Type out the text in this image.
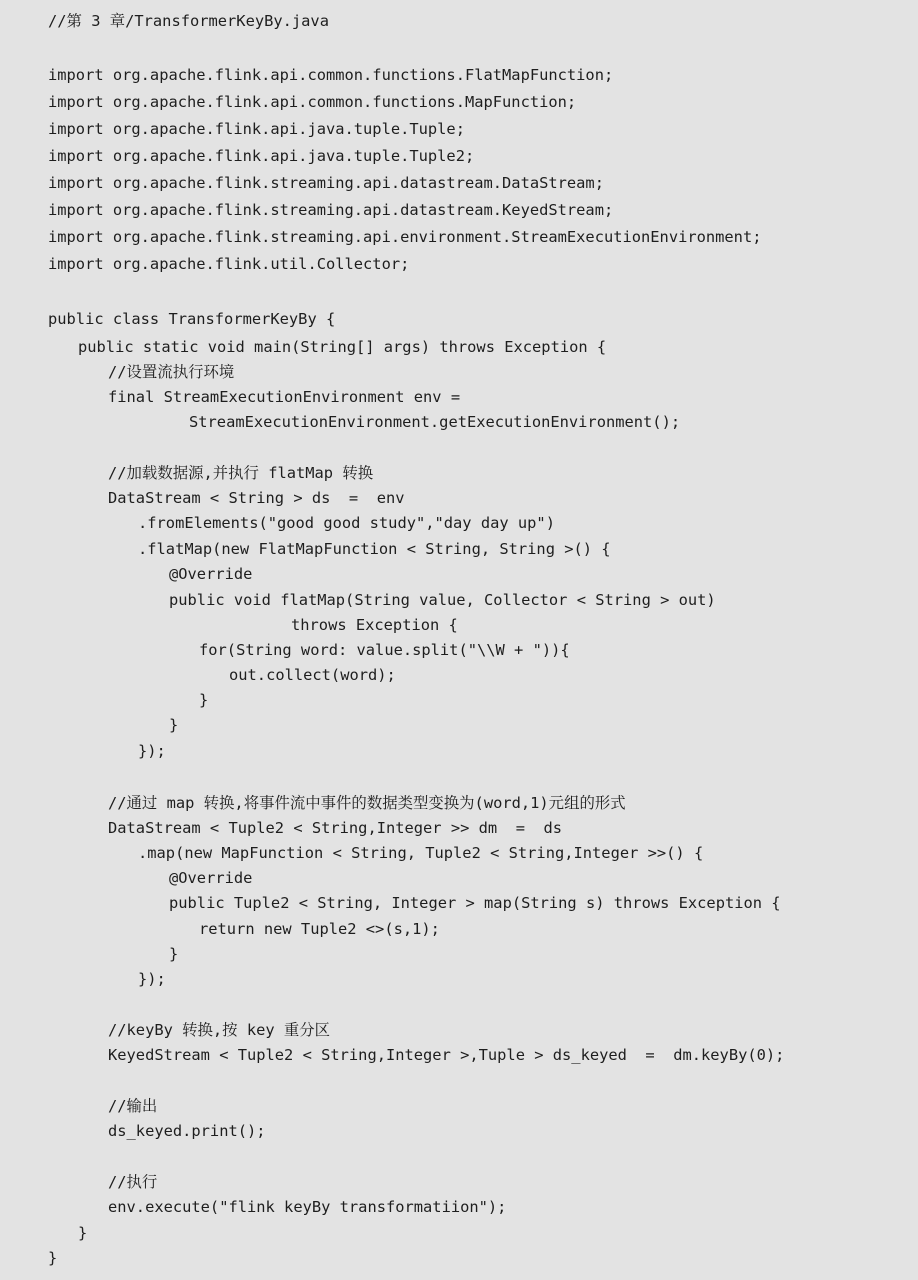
//第 3 章/TransformerKeyBy.java
import org.apache.flink.api.common.functions.FlatMapFunction;
import org.apache.flink.api.common.functions.MapFunction;
import org.apache.flink.api.java.tuple.Tuple;
import org.apache.flink.api.java.tuple.Tuple2;
import org.apache.flink.streaming.api.datastream.DataStream;
import org.apache.flink.streaming.api.datastream.KeyedStream;
import org.apache.flink.streaming.api.environment.StreamExecutionEnvironment;
import org.apache.flink.util.Collector;
public class TransformerKeyBy {
public static void main(String[] args) throws Exception {
//设置流执行环境
final StreamExecutionEnvironment env =
StreamExecutionEnvironment.getExecutionEnvironment();
//加载数据源,并执行 flatMap 转换
DataStream < String > ds  =  env
.fromElements("good good study","day day up")
.flatMap(new FlatMapFunction < String, String >() {
@Override
public void flatMap(String value, Collector < String > out)
throws Exception {
for(String word: value.split("\\W + ")){
out.collect(word);
}
}
});
//通过 map 转换,将事件流中事件的数据类型变换为(word,1)元组的形式
DataStream < Tuple2 < String,Integer >> dm  =  ds
.map(new MapFunction < String, Tuple2 < String,Integer >>() {
@Override
public Tuple2 < String, Integer > map(String s) throws Exception {
return new Tuple2 <>(s,1);
}
});
//keyBy 转换,按 key 重分区
KeyedStream < Tuple2 < String,Integer >,Tuple > ds_keyed  =  dm.keyBy(0);
//输出
ds_keyed.print();
//执行
env.execute("flink keyBy transformatiion");
}
}
